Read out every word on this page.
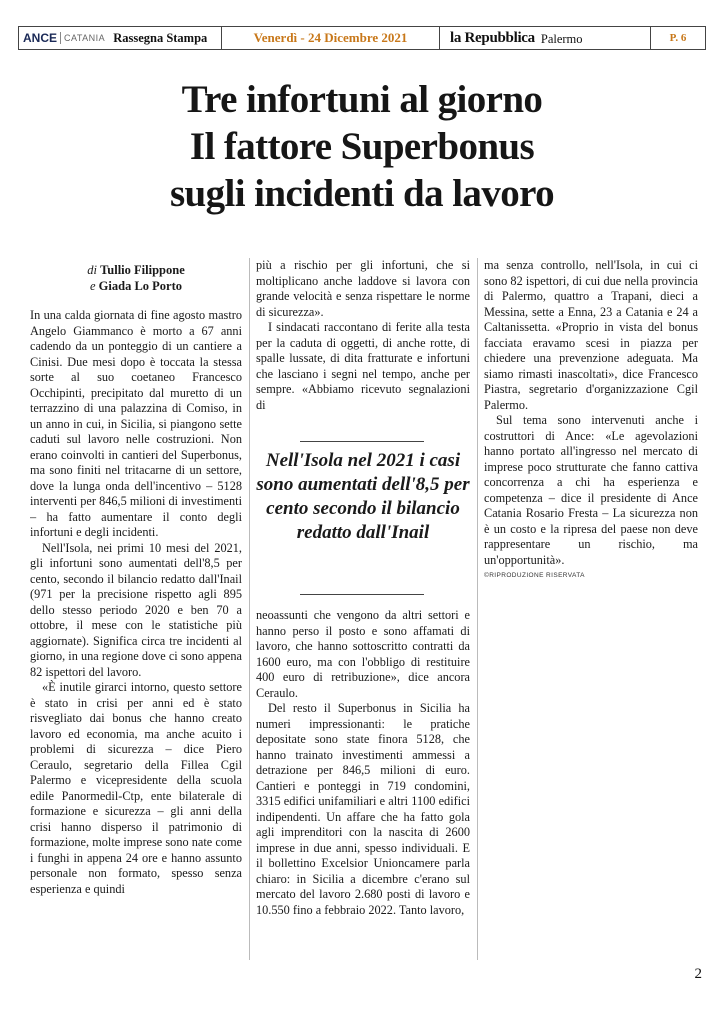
ANCE CATANIA Rassegna Stampa	Venerdì - 24 Dicembre 2021	la Repubblica Palermo	P. 6
Tre infortuni al giorno
Il fattore Superbonus
sugli incidenti da lavoro
di Tullio Filippone
e Giada Lo Porto

In una calda giornata di fine agosto mastro Angelo Giammanco è morto a 67 anni cadendo da un ponteggio di un cantiere a Cinisi. Due mesi dopo è toccata la stessa sorte al suo coetaneo Francesco Occhipinti, precipitato dal muretto di un terrazzino di una palazzina di Comiso, in un anno in cui, in Sicilia, si piangono sette caduti sul lavoro nelle costruzioni. Non erano coinvolti in cantieri del Superbonus, ma sono finiti nel tritacarne di un settore, dove la lunga onda dell'incentivo – 5128 interventi per 846,5 milioni di investimenti – ha fatto aumentare il conto degli infortuni e degli incidenti.

Nell'Isola, nei primi 10 mesi del 2021, gli infortuni sono aumentati dell'8,5 per cento, secondo il bilancio redatto dall'Inail (971 per la precisione rispetto agli 895 dello stesso periodo 2020 e ben 70 a ottobre, il mese con le statistiche più aggiornate). Significa circa tre incidenti al giorno, in una regione dove ci sono appena 82 ispettori del lavoro.

«È inutile girarci intorno, questo settore è stato in crisi per anni ed è stato risvegliato dai bonus che hanno creato lavoro ed economia, ma anche acuito i problemi di sicurezza – dice Piero Ceraulo, segretario della Fillea Cgil Palermo e vicepresidente della scuola edile Panormedil-Ctp, ente bilaterale di formazione e sicurezza – gli anni della crisi hanno disperso il patrimonio di formazione, molte imprese sono nate come i funghi in appena 24 ore e hanno assunto personale non formato, spesso senza esperienza e quindi

più a rischio per gli infortuni, che si moltiplicano anche laddove si lavora con grande velocità e senza rispettare le norme di sicurezza».

I sindacati raccontano di ferite alla testa per la caduta di oggetti, di anche rotte, di spalle lussate, di dita fratturate e infortuni che lasciano i segni nel tempo, anche per sempre. «Abbiamo ricevuto segnalazioni di

Nell'Isola nel 2021 i casi sono aumentati dell'8,5 per cento secondo il bilancio redatto dall'Inail

neoassunti che vengono da altri settori e hanno perso il posto e sono affamati di lavoro, che hanno sottoscritto contratti da 1600 euro, ma con l'obbligo di restituire 400 euro di retribuzione», dice ancora Ceraulo.

Del resto il Superbonus in Sicilia ha numeri impressionanti: le pratiche depositate sono state finora 5128, che hanno trainato investimenti ammessi a detrazione per 846,5 milioni di euro. Cantieri e ponteggi in 719 condomini, 3315 edifici unifamiliari e altri 1100 edifici indipendenti. Un affare che ha fatto gola agli imprenditori con la nascita di 2600 imprese in due anni, spesso individuali. E il bollettino Excelsior Unioncamere parla chiaro: in Sicilia a dicembre c'erano sul mercato del lavoro 2.680 posti di lavoro e 10.550 fino a febbraio 2022. Tanto lavoro,

ma senza controllo, nell'Isola, in cui ci sono 82 ispettori, di cui due nella provincia di Palermo, quattro a Trapani, dieci a Messina, sette a Enna, 23 a Catania e 24 a Caltanissetta. «Proprio in vista del bonus facciata eravamo scesi in piazza per chiedere una prevenzione adeguata. Ma siamo rimasti inascoltati», dice Francesco Piastra, segretario d'organizzazione Cgil Palermo.

Sul tema sono intervenuti anche i costruttori di Ance: «Le agevolazioni hanno portato all'ingresso nel mercato di imprese poco strutturate che fanno cattiva concorrenza a chi ha esperienza e competenza – dice il presidente di Ance Catania Rosario Fresta – La sicurezza non è un costo e la ripresa del paese non deve rappresentare un rischio, ma un'opportunità».

©RIPRODUZIONE RISERVATA

2
